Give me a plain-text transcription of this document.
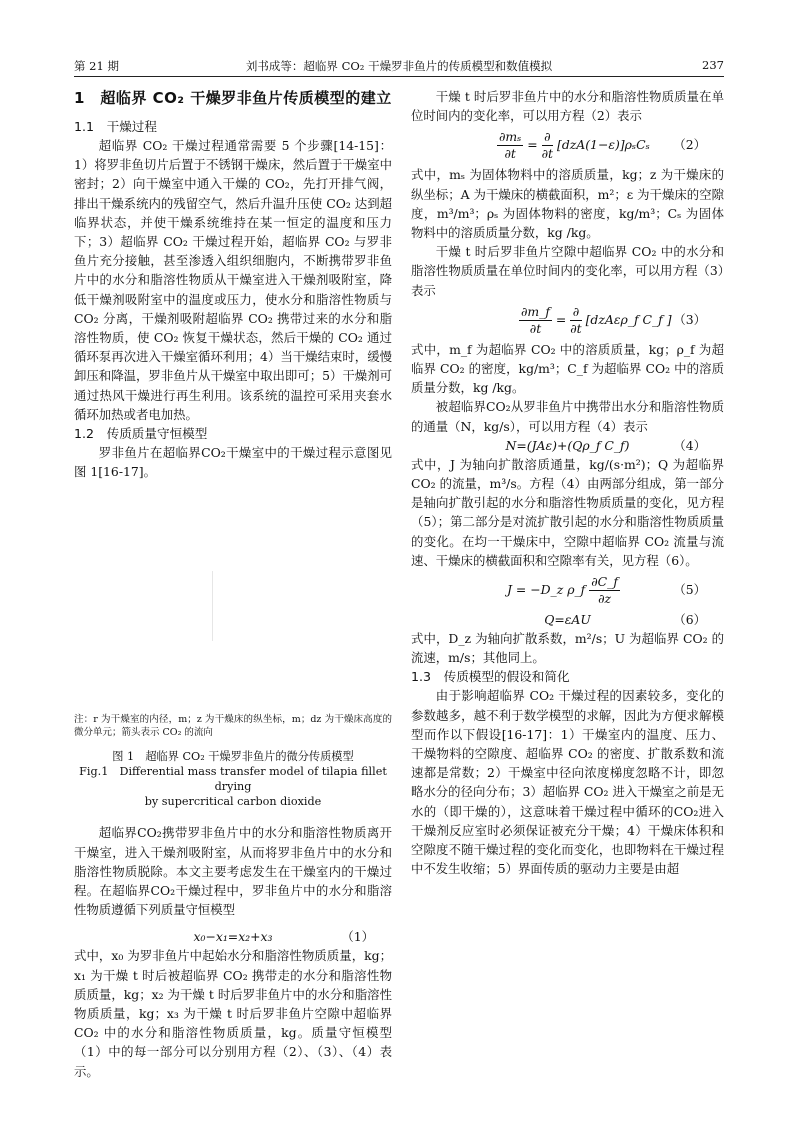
第 21 期	刘书成等：超临界 CO₂ 干燥罗非鱼片的传质模型和数值模拟	237
1　超临界 CO₂ 干燥罗非鱼片传质模型的建立
1.1　干燥过程

超临界 CO₂ 干燥过程通常需要 5 个步骤[14-15]：1）将罗非鱼切片后置于不锈钢干燥床，然后置于干燥室中密封；2）向干燥室中通入干燥的 CO₂，先打开排气阀，排出干燥系统内的残留空气，然后升温升压使 CO₂ 达到超临界状态，并使干燥系统维持在某一恒定的温度和压力下；3）超临界 CO₂ 干燥过程开始，超临界 CO₂ 与罗非鱼片充分接触，甚至渗透入组织细胞内，不断携带罗非鱼片中的水分和脂溶性物质从干燥室进入干燥剂吸附室，降低干燥剂吸附室中的温度或压力，使水分和脂溶性物质与 CO₂ 分离，干燥剂吸附超临界 CO₂ 携带过来的水分和脂溶性物质，使 CO₂ 恢复干燥状态，然后干燥的 CO₂ 通过循环泵再次进入干燥室循环利用；4）当干燥结束时，缓慢卸压和降温，罗非鱼片从干燥室中取出即可；5）干燥剂可通过热风干燥进行再生利用。该系统的温控可采用夹套水循环加热或者电加热。

1.2　传质质量守恒模型

罗非鱼片在超临界CO₂干燥室中的干燥过程示意图见图 1[16-17]。

注：r 为干燥室的内径，m；z 为干燥床的纵坐标，m；dz 为干燥床高度的微分单元；箭头表示 CO₂ 的流向

图 1　超临界 CO₂ 干燥罗非鱼片的微分传质模型

Fig.1　Differential mass transfer model of tilapia fillet drying

by supercritical carbon dioxide

超临界CO₂携带罗非鱼片中的水分和脂溶性物质离开干燥室，进入干燥剂吸附室，从而将罗非鱼片中的水分和脂溶性物质脱除。本文主要考虑发生在干燥室内的干燥过程。在超临界CO₂干燥过程中，罗非鱼片中的水分和脂溶性物质遵循下列质量守恒模型

x₀−x₁=x₂+x₃	（1）

式中，x₀ 为罗非鱼片中起始水分和脂溶性物质质量，kg；x₁ 为干燥 t 时后被超临界 CO₂ 携带走的水分和脂溶性物质质量，kg；x₂ 为干燥 t 时后罗非鱼片中的水分和脂溶性物质质量，kg；x₃ 为干燥 t 时后罗非鱼片空隙中超临界 CO₂ 中的水分和脂溶性物质质量，kg。质量守恒模型（1）中的每一部分可以分别用方程（2）、（3）、（4）表示。

干燥 t 时后罗非鱼片中的水分和脂溶性物质质量在单位时间内的变化率，可以用方程（2）表示

$\frac{\text{∂mₛ}}{\partial t} = \frac{\partial}{\partial t} [dzA(1-\varepsilon)]\rho_sC_s$ （2）

式中，mₛ 为固体物料中的溶质质量，kg；z 为干燥床的纵坐标；A 为干燥床的横截面积，m²；ε 为干燥床的空隙度，m³/m³；ρₛ 为固体物料的密度，kg/m³；Cₛ 为固体物料中的溶质质量分数，kg /kg。

干燥 t 时后罗非鱼片空隙中超临界 CO₂ 中的水分和脂溶性物质质量在单位时间内的变化率，可以用方程（3）表示

$\frac{\partial m\_f}{\partial t} = \frac{\partial}{\partial t}$ [dzAερ_f C_f ] （3）

式中，m_f 为超临界 CO₂ 中的溶质质量，kg；ρ_f 为超临界 CO₂ 的密度，kg/m³；C_f 为超临界 CO₂ 中的溶质质量分数，kg /kg。

被超临界CO₂从罗非鱼片中携带出水分和脂溶性物质的通量（N，kg/s），可以用方程（4）表示

N=(JAε)+(Qρ_f C_f)	（4）

式中，J 为轴向扩散溶质通量，kg/(s·m²)；Q 为超临界 CO₂ 的流量，m³/s。方程（4）由两部分组成，第一部分是轴向扩散引起的水分和脂溶性物质质量的变化，见方程（5）；第二部分是对流扩散引起的水分和脂溶性物质质量的变化。在均一干燥床中，空隙中超临界 CO₂ 流量与流速、干燥床的横截面积和空隙率有关，见方程（6）。

J = −D_z ρ_f $\frac{\partial C\_f}{\partial z}$	（5）
Q=εAU	（6）

式中，D_z 为轴向扩散系数，m²/s；U 为超临界 CO₂ 的流速，m/s；其他同上。

1.3　传质模型的假设和简化

由于影响超临界 CO₂ 干燥过程的因素较多，变化的参数越多，越不利于数学模型的求解，因此为方便求解模型而作以下假设[16-17]：1）干燥室内的温度、压力、干燥物料的空隙度、超临界 CO₂ 的密度、扩散系数和流速都是常数；2）干燥室中径向浓度梯度忽略不计，即忽略水分的径向分布；3）超临界 CO₂ 进入干燥室之前是无水的（即干燥的），这意味着干燥过程中循环的CO₂进入干燥剂反应室时必须保证被充分干燥；4）干燥床体积和空隙度不随干燥过程的变化而变化，也即物料在干燥过程中不发生收缩；5）界面传质的驱动力主要是由超
